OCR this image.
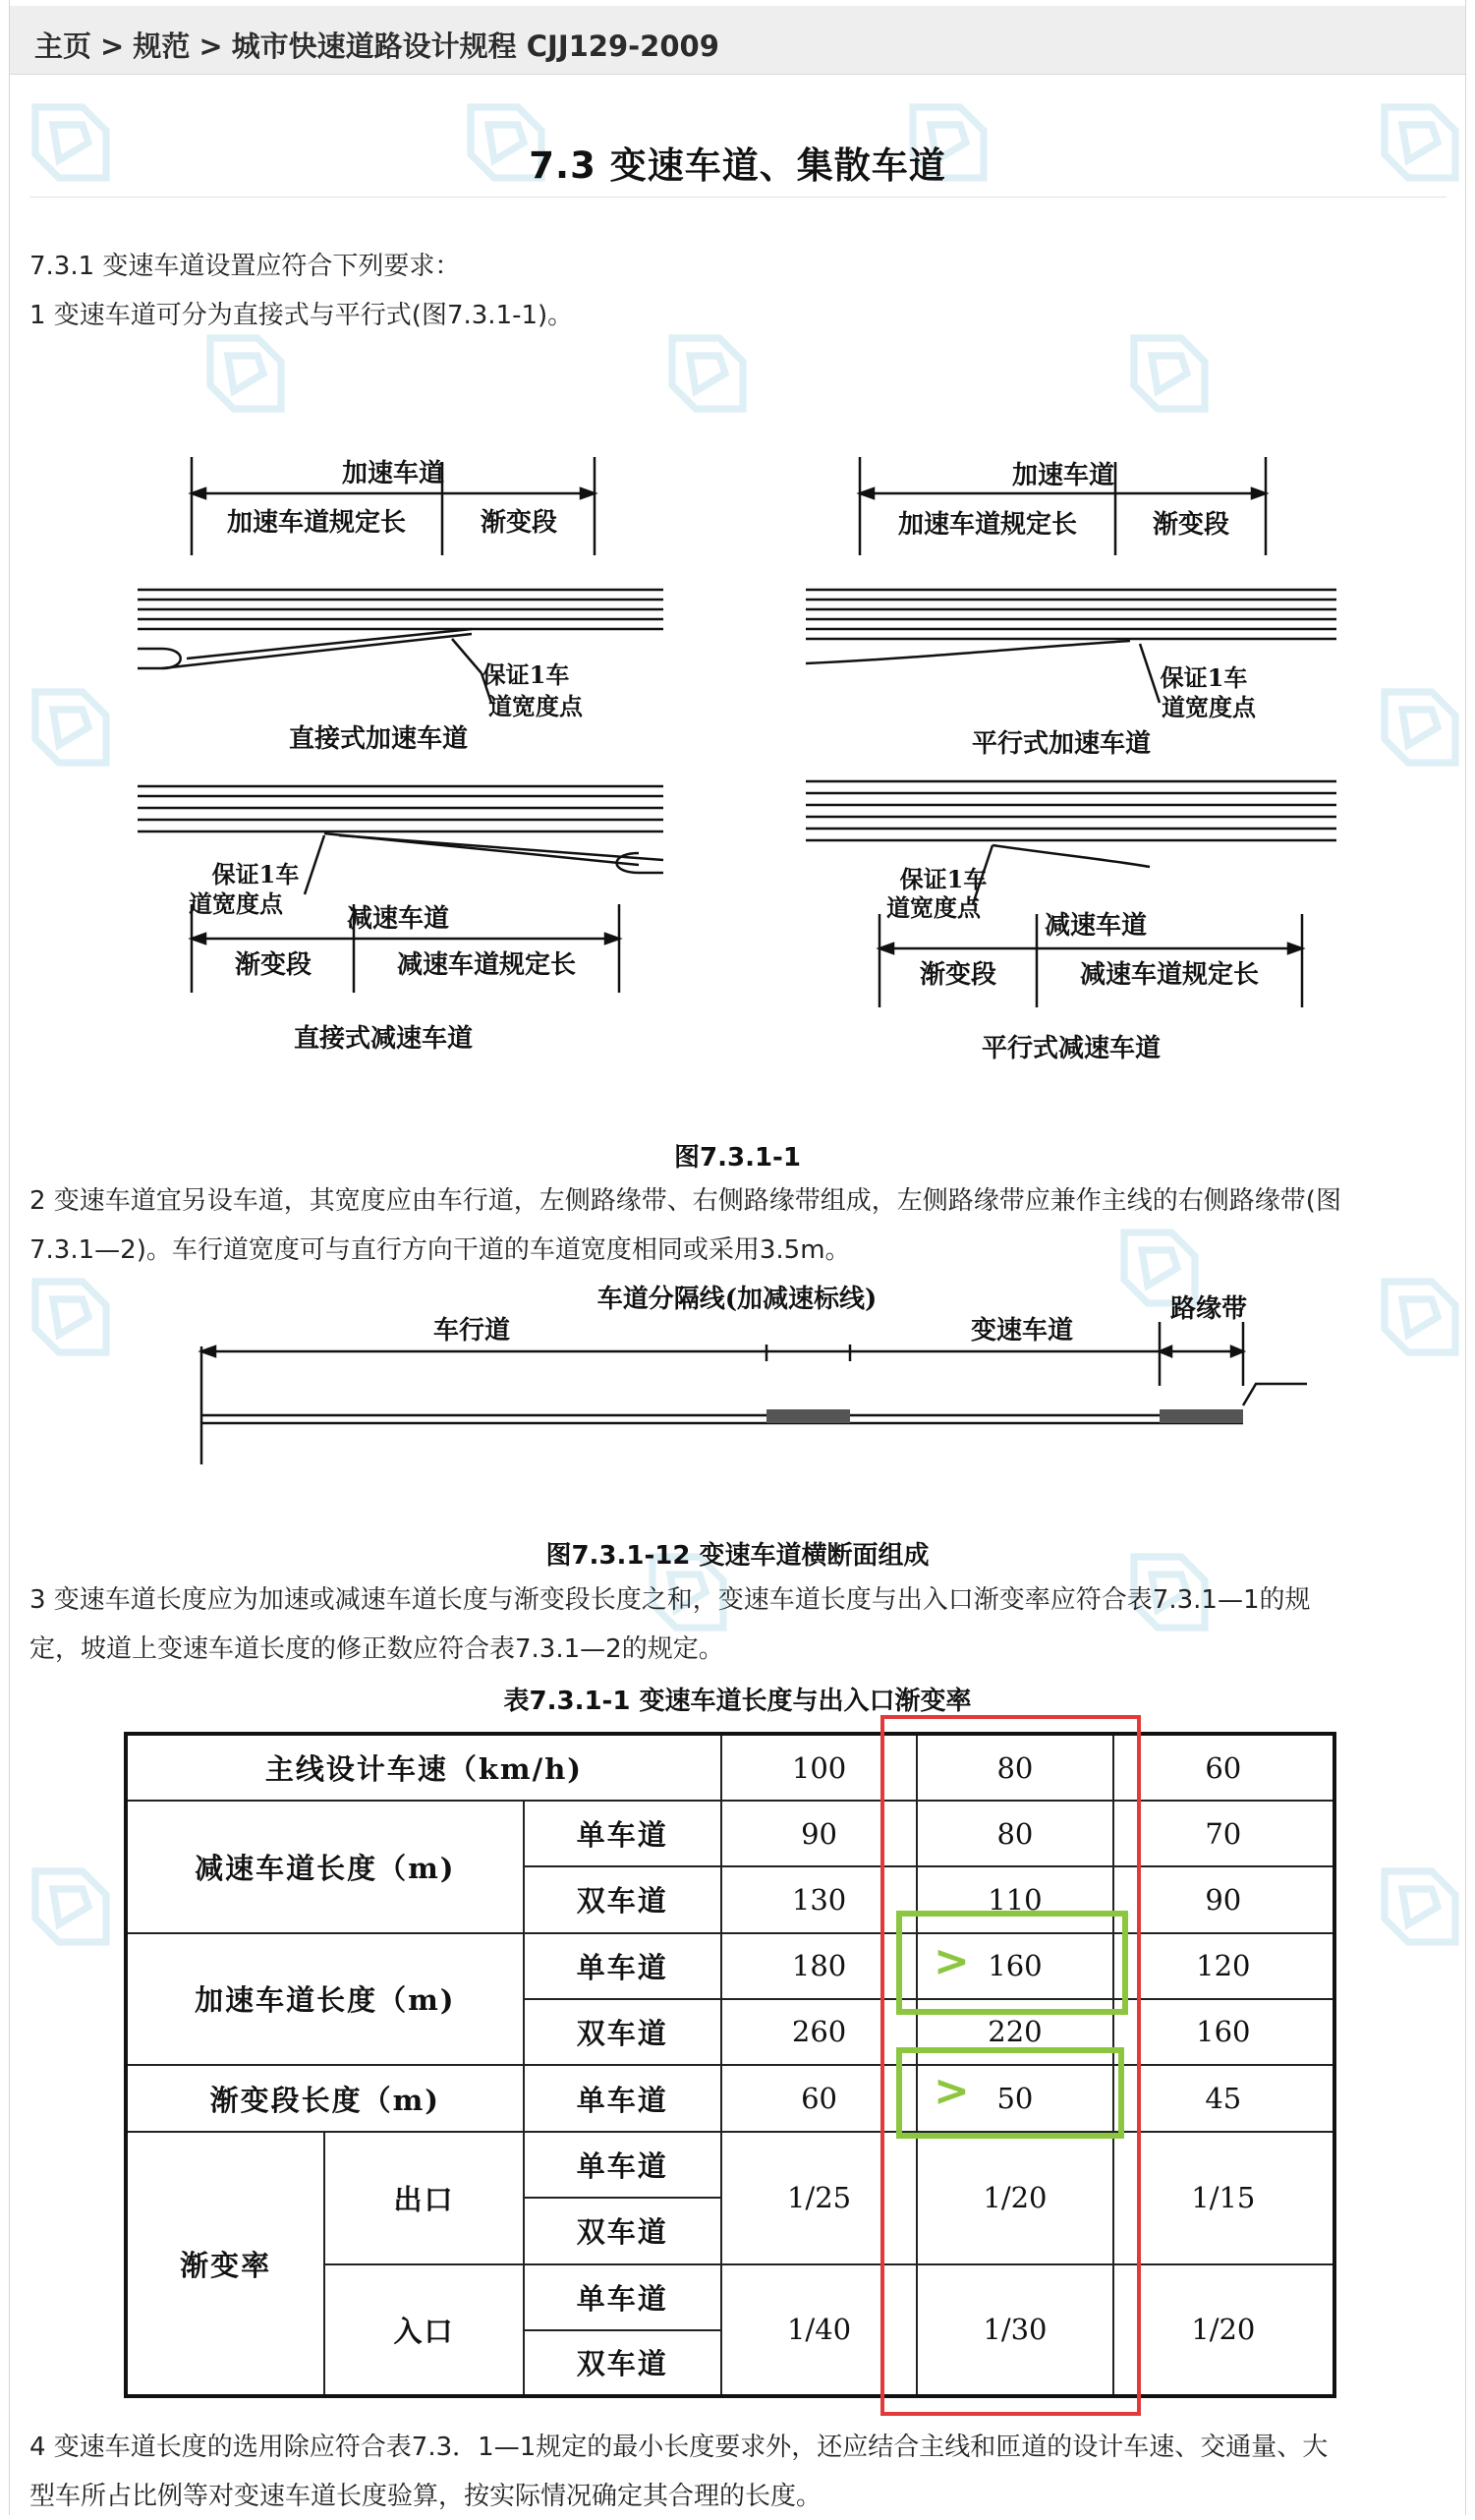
主页 > 规范 > 城市快速道路设计规程 CJJ129-2009
7.3 变速车道、集散车道
7.3.1 变速车道设置应符合下列要求：
1 变速车道可分为直接式与平行式(图7.3.1-1)。
加速车道
加速车道规定长	渐变段
保证1车
道宽度点
直接式加速车道
加速车道
加速车道规定长	渐变段
保证1车
道宽度点
平行式加速车道
保证1车
道宽度点
减速车道
渐变段	减速车道规定长
直接式减速车道
保证1车
道宽度点
减速车道
渐变段	减速车道规定长
平行式减速车道
图7.3.1-1
2 变速车道宜另设车道，其宽度应由车行道，左侧路缘带、右侧路缘带组成，左侧路缘带应兼作主线的右侧路缘带(图
7.3.1—2)。车行道宽度可与直行方向干道的车道宽度相同或采用3.5m。
车道分隔线(加减速标线)
车行道	变速车道
路缘带
图7.3.1-12 变速车道横断面组成
3 变速车道长度应为加速或减速车道长度与渐变段长度之和，变速车道长度与出入口渐变率应符合表7.3.1—1的规
定，坡道上变速车道长度的修正数应符合表7.3.1—2的规定。
表7.3.1-1 变速车道长度与出入口渐变率
主线设计车速（km/h)			100	80	60
减速车道长度（m)		单车道	90	80	70
		双车道	130	110	90
加速车道长度（m)		单车道	180	160	120
		双车道	260	220	160
渐变段长度（m)		单车道	60	50	45
渐变率	出口	单车道	1/25	1/20	1/15
		双车道			
	入口	单车道	1/40	1/30	1/20
		双车道			
>
>
4 变速车道长度的选用除应符合表7.3．1—1规定的最小长度要求外，还应结合主线和匝道的设计车速、交通量、大
型车所占比例等对变速车道长度验算，按实际情况确定其合理的长度。
